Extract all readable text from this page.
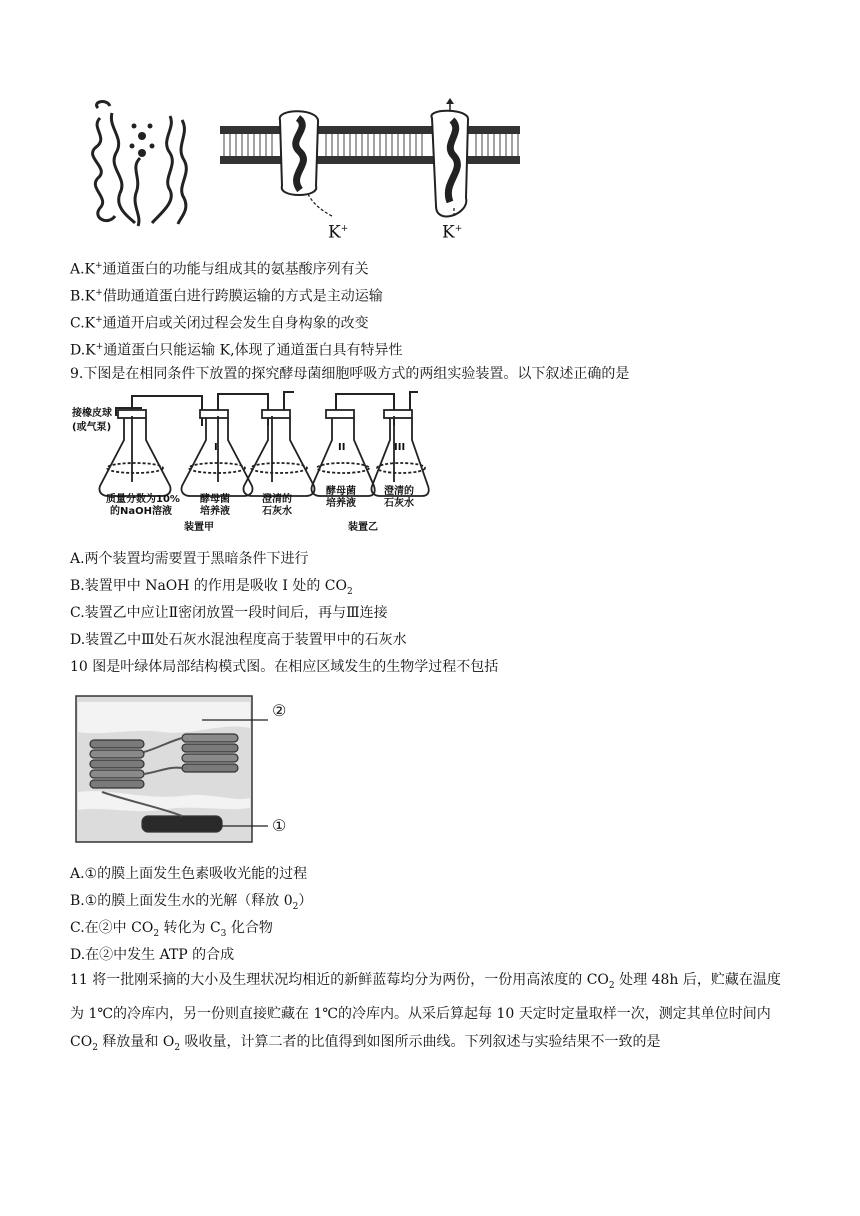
K+	K+
A.K+通道蛋白的功能与组成其的氨基酸序列有关
B.K+借助通道蛋白进行跨膜运输的方式是主动运输
C.K+通道开启或关闭过程会发生自身构象的改变
D.K+通道蛋白只能运输 K,体现了通道蛋白具有特异性
9.下图是在相同条件下放置的探究酵母菌细胞呼吸方式的两组实验装置。以下叙述正确的是
接橡皮球
(或气泵)
I	II	III
质量分数为10%
的NaOH溶液
酵母菌
培养液
澄清的
石灰水
酵母菌
培养液
澄清的
石灰水
装置甲	装置乙
A.两个装置均需要置于黑暗条件下进行
B.装置甲中 NaOH 的作用是吸收 I 处的 $CO_2$
C.装置乙中应让Ⅱ密闭放置一段时间后，再与Ⅲ连接
D.装置乙中Ⅲ处石灰水混浊程度高于装置甲中的石灰水
10 图是叶绿体局部结构模式图。在相应区域发生的生物学过程不包括
②
①
A.①的膜上面发生色素吸收光能的过程
B.①的膜上面发生水的光解（释放 $0_2$）
C.在②中 $CO_2$ 转化为 $C_3$ 化合物
D.在②中发生 ATP 的合成
11 将一批刚采摘的大小及生理状况均相近的新鲜蓝莓均分为两份，一份用高浓度的 $CO_2$ 处理 48h 后，贮藏在温度为 1℃的冷库内，另一份则直接贮藏在 1℃的冷库内。从采后算起每 10 天定时定量取样一次，测定其单位时间内 $CO_2$ 释放量和 $O_2$ 吸收量，计算二者的比值得到如图所示曲线。下列叙述与实验结果不一致的是
